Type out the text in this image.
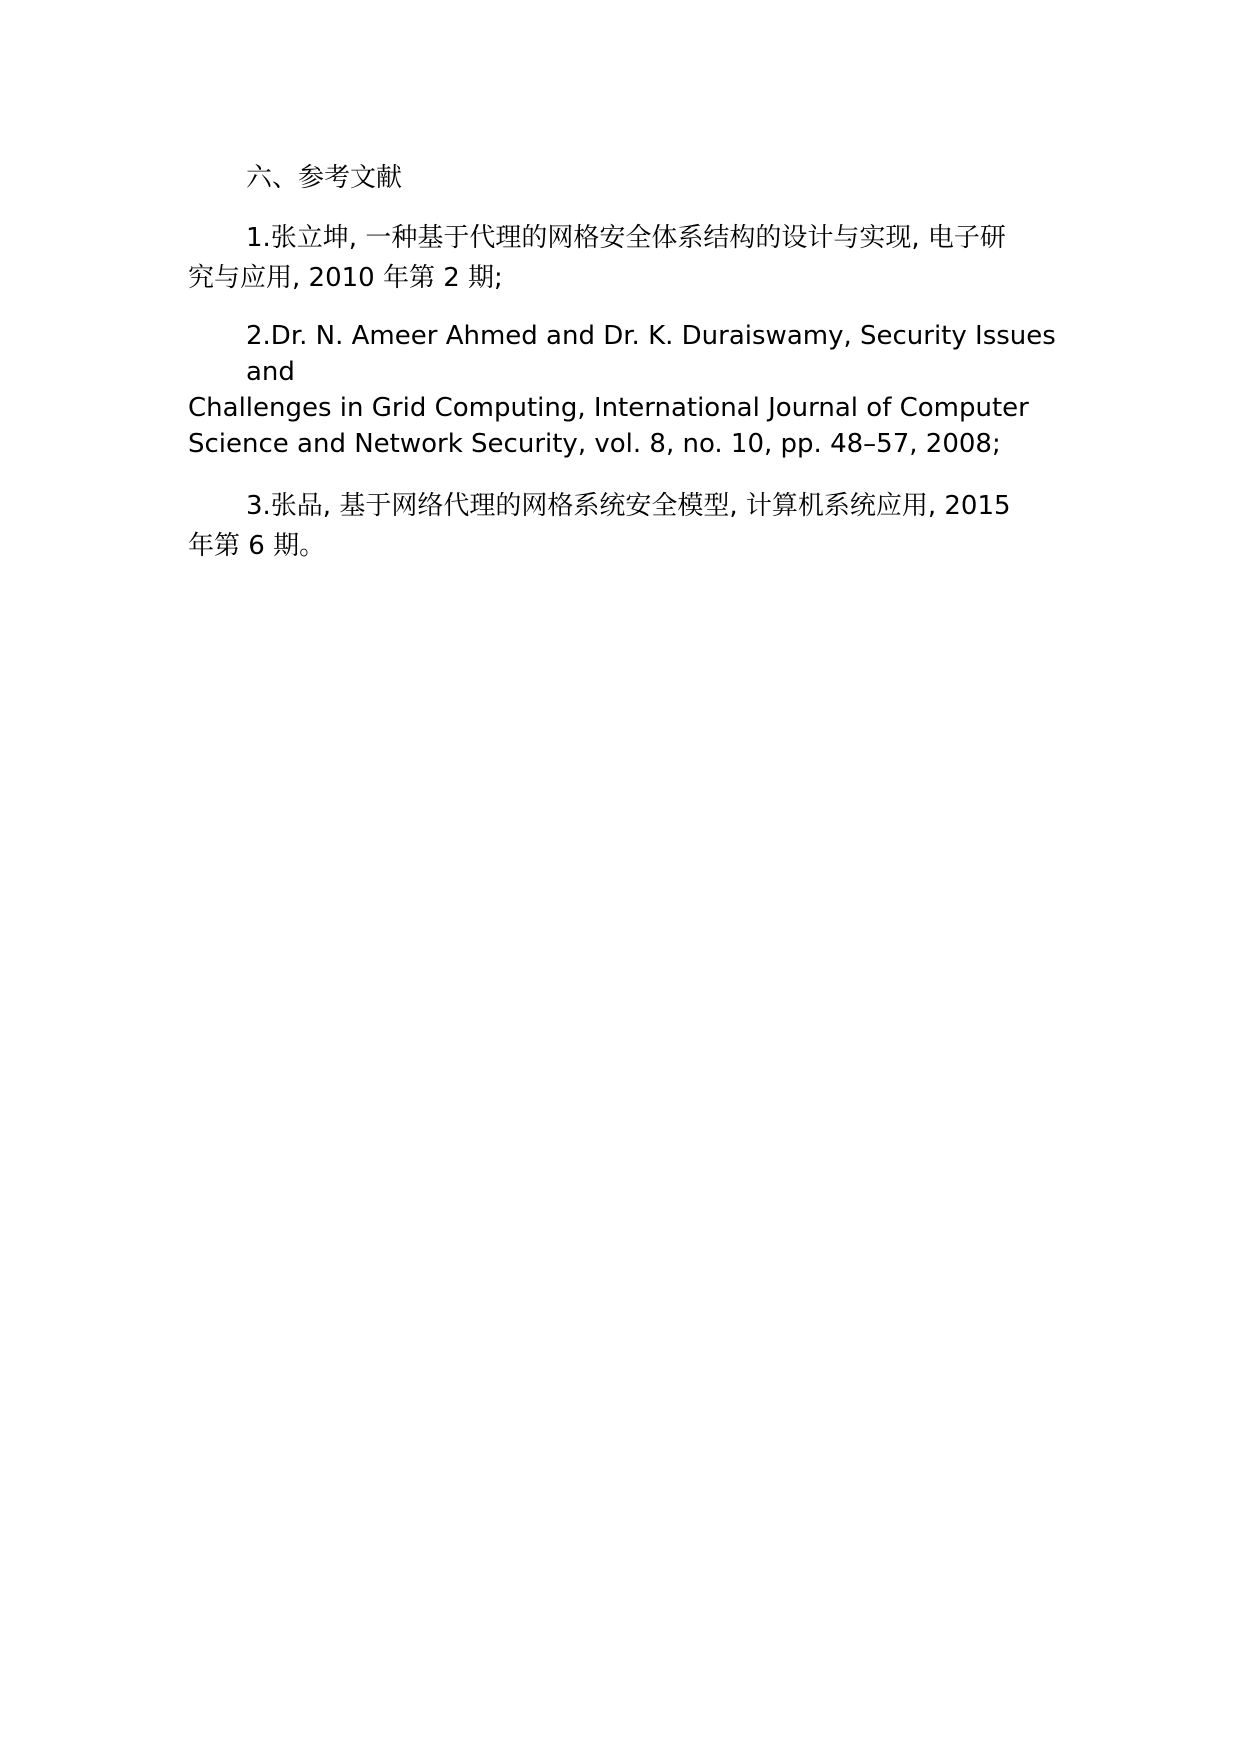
六、参考文献
1.张立坤, 一种基于代理的网格安全体系结构的设计与实现, 电子研
究与应用, 2010 年第 2 期;
2.Dr. N. Ameer Ahmed and Dr. K. Duraiswamy, Security Issues and
Challenges in Grid Computing, International Journal of Computer
Science and Network Security, vol. 8, no. 10, pp. 48–57, 2008;
3.张品, 基于网络代理的网格系统安全模型, 计算机系统应用, 2015
年第 6 期。
